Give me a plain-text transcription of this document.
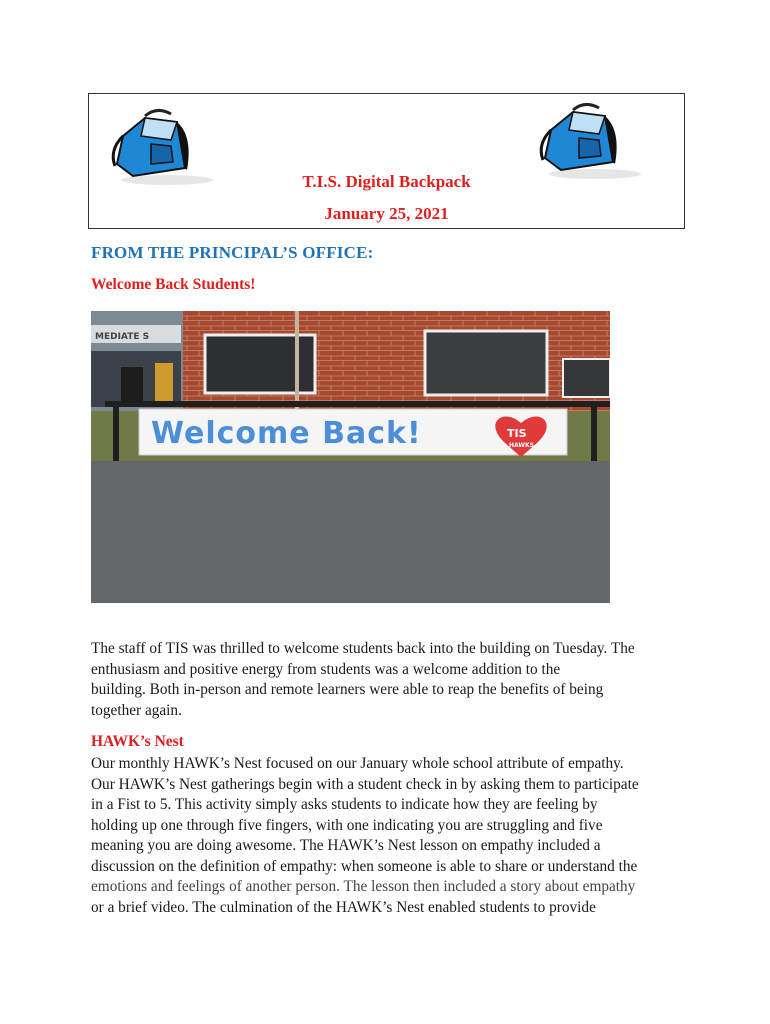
T.I.S. Digital Backpack
January 25, 2021
FROM THE PRINCIPAL’S OFFICE:
Welcome Back Students!
MEDIATE S
Welcome Back!	TIS
HAWKS
The staff of TIS was thrilled to welcome students back into the building on Tuesday. The
enthusiasm and positive energy from students was a welcome addition to the
building. Both in-person and remote learners were able to reap the benefits of being
together again.
HAWK’s Nest
Our monthly HAWK’s Nest focused on our January whole school attribute of empathy.
Our HAWK’s Nest gatherings begin with a student check in by asking them to participate
in a Fist to 5. This activity simply asks students to indicate how they are feeling by
holding up one through five fingers, with one indicating you are struggling and five
meaning you are doing awesome. The HAWK’s Nest lesson on empathy included a
discussion on the definition of empathy: when someone is able to share or understand the
emotions and feelings of another person. The lesson then included a story about empathy
or a brief video. The culmination of the HAWK’s Nest enabled students to provide
